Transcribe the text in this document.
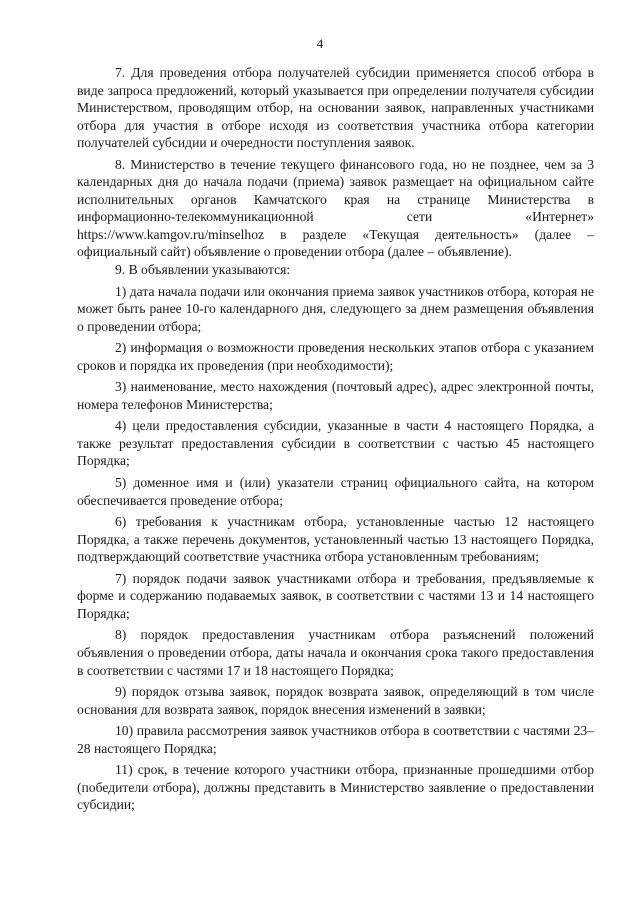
4

7. Для проведения отбора получателей субсидии применяется способ отбора в виде запроса предложений, который указывается при определении получателя субсидии Министерством, проводящим отбор, на основании заявок, направленных участниками отбора для участия в отборе исходя из соответствия участника отбора категории получателей субсидии и очередности поступления заявок.

8. Министерство в течение текущего финансового года, но не позднее, чем за 3 календарных дня до начала подачи (приема) заявок размещает на официальном сайте исполнительных органов Камчатского края на странице Министерства в информационно-телекоммуникационной сети «Интернет» https://www.kamgov.ru/minselhoz в разделе «Текущая деятельность» (далее – официальный сайт) объявление о проведении отбора (далее – объявление).

9. В объявлении указываются:

1) дата начала подачи или окончания приема заявок участников отбора, которая не может быть ранее 10-го календарного дня, следующего за днем размещения объявления о проведении отбора;

2) информация о возможности проведения нескольких этапов отбора с указанием сроков и порядка их проведения (при необходимости);

3) наименование, место нахождения (почтовый адрес), адрес электронной почты, номера телефонов Министерства;

4) цели предоставления субсидии, указанные в части 4 настоящего Порядка, а также результат предоставления субсидии в соответствии с частью 45 настоящего Порядка;

5) доменное имя и (или) указатели страниц официального сайта, на котором обеспечивается проведение отбора;

6) требования к участникам отбора, установленные частью 12 настоящего Порядка, а также перечень документов, установленный частью 13 настоящего Порядка, подтверждающий соответствие участника отбора установленным требованиям;

7) порядок подачи заявок участниками отбора и требования, предъявляемые к форме и содержанию подаваемых заявок, в соответствии с частями 13 и 14 настоящего Порядка;

8) порядок предоставления участникам отбора разъяснений положений объявления о проведении отбора, даты начала и окончания срока такого предоставления в соответствии с частями 17 и 18 настоящего Порядка;

9) порядок отзыва заявок, порядок возврата заявок, определяющий в том числе основания для возврата заявок, порядок внесения изменений в заявки;

10) правила рассмотрения заявок участников отбора в соответствии с частями 23–28 настоящего Порядка;

11) срок, в течение которого участники отбора, признанные прошедшими отбор (победители отбора), должны представить в Министерство заявление о предоставлении субсидии;
